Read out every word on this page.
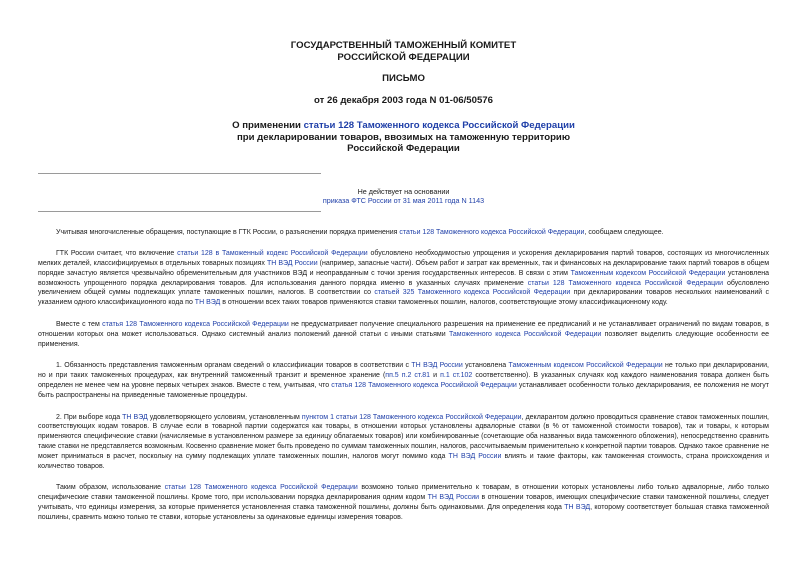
ГОСУДАРСТВЕННЫЙ ТАМОЖЕННЫЙ КОМИТЕТ
РОССИЙСКОЙ ФЕДЕРАЦИИ
ПИСЬМО
от 26 декабря 2003 года N 01-06/50576
О применении статьи 128 Таможенного кодекса Российской Федерации
при декларировании товаров, ввозимых на таможенную территорию
Российской Федерации
Не действует на основании
приказа ФТС России от 31 мая 2011 года N 1143

Учитывая многочисленные обращения, поступающие в ГТК России, о разъяснении порядка применения статьи 128 Таможенного кодекса Российской Федерации, сообщаем следующее.

ГТК России считает, что включение статьи 128 в Таможенный кодекс Российской Федерации обусловлено необходимостью упрощения и ускорения декларирования партий товаров, состоящих из многочисленных мелких деталей, классифицируемых в отдельных товарных позициях ТН ВЭД России (например, запасные части). Объем работ и затрат как временных, так и финансовых на декларирование таких партий товаров в общем порядке зачастую является чрезвычайно обременительным для участников ВЭД и неоправданным с точки зрения государственных интересов. В связи с этим Таможенным кодексом Российской Федерации установлена возможность упрощенного порядка декларирования товаров. Для использования данного порядка именно в указанных случаях применение статьи 128 Таможенного кодекса Российской Федерации обусловлено увеличением общей суммы подлежащих уплате таможенных пошлин, налогов. В соответствии со статьей 325 Таможенного кодекса Российской Федерации при декларировании товаров нескольких наименований с указанием одного классификационного кода по ТН ВЭД в отношении всех таких товаров применяются ставки таможенных пошлин, налогов, соответствующие этому классификационному коду.

Вместе с тем статья 128 Таможенного кодекса Российской Федерации не предусматривает получение специального разрешения на применение ее предписаний и не устанавливает ограничений по видам товаров, в отношении которых она может использоваться. Однако системный анализ положений данной статьи с иными статьями Таможенного кодекса Российской Федерации позволяет выделить следующие особенности ее применения.

1. Обязанность представления таможенным органам сведений о классификации товаров в соответствии с ТН ВЭД России установлена Таможенным кодексом Российской Федерации не только при декларировании, но и при таких таможенных процедурах, как внутренний таможенный транзит и временное хранение (пп.5 п.2 ст.81 и п.1 ст.102 соответственно). В указанных случаях код каждого наименования товара должен быть определен не менее чем на уровне первых четырех знаков. Вместе с тем, учитывая, что статья 128 Таможенного кодекса Российской Федерации устанавливает особенности только декларирования, ее положения не могут быть распространены на приведенные таможенные процедуры.

2. При выборе кода ТН ВЭД удовлетворяющего условиям, установленным пунктом 1 статьи 128 Таможенного кодекса Российской Федерации, декларантом должно проводиться сравнение ставок таможенных пошлин, соответствующих кодам товаров. В случае если в товарной партии содержатся как товары, в отношении которых установлены адвалорные ставки (в % от таможенной стоимости товаров), так и товары, к которым применяются специфические ставки (начисляемые в установленном размере за единицу облагаемых товаров) или комбинированные (сочетающие оба названных вида таможенного обложения), непосредственно сравнить такие ставки не представляется возможным. Косвенно сравнение может быть проведено по суммам таможенных пошлин, налогов, рассчитываемым применительно к конкретной партии товаров. Однако такое сравнение не может приниматься в расчет, поскольку на сумму подлежащих уплате таможенных пошлин, налогов могут помимо кода ТН ВЭД России влиять и такие факторы, как таможенная стоимость, страна происхождения и количество товаров.

Таким образом, использование статьи 128 Таможенного кодекса Российской Федерации возможно только применительно к товарам, в отношении которых установлены либо только адвалорные, либо только специфические ставки таможенной пошлины. Кроме того, при использовании порядка декларирования одним кодом ТН ВЭД России в отношении товаров, имеющих специфические ставки таможенной пошлины, следует учитывать, что единицы измерения, за которые применяется установленная ставка таможенной пошлины, должны быть одинаковыми. Для определения кода ТН ВЭД, которому соответствует большая ставка таможенной пошлины, сравнить можно только те ставки, которые установлены за одинаковые единицы измерения товаров.
